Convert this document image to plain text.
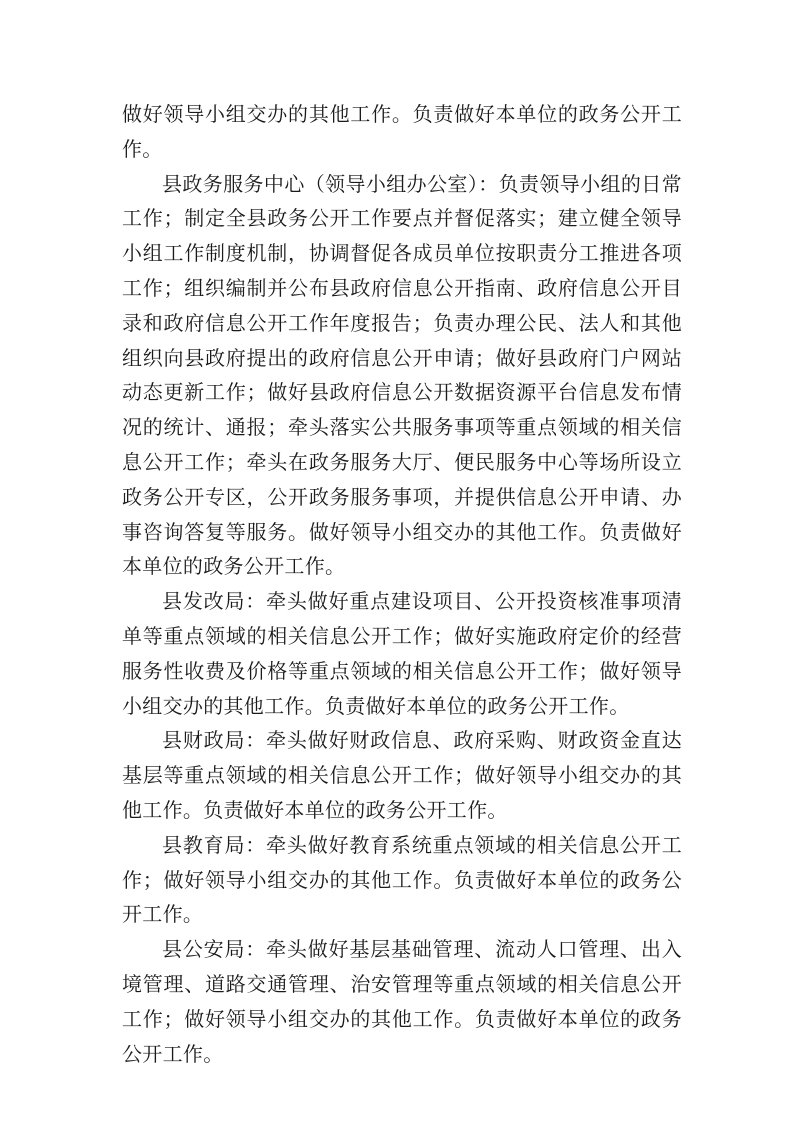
做好领导小组交办的其他工作。负责做好本单位的政务公开工作。

县政务服务中心（领导小组办公室）：负责领导小组的日常工作；制定全县政务公开工作要点并督促落实；建立健全领导小组工作制度机制，协调督促各成员单位按职责分工推进各项工作；组织编制并公布县政府信息公开指南、政府信息公开目录和政府信息公开工作年度报告；负责办理公民、法人和其他组织向县政府提出的政府信息公开申请；做好县政府门户网站动态更新工作；做好县政府信息公开数据资源平台信息发布情况的统计、通报；牵头落实公共服务事项等重点领域的相关信息公开工作；牵头在政务服务大厅、便民服务中心等场所设立政务公开专区，公开政务服务事项，并提供信息公开申请、办事咨询答复等服务。做好领导小组交办的其他工作。负责做好本单位的政务公开工作。

县发改局：牵头做好重点建设项目、公开投资核准事项清单等重点领域的相关信息公开工作；做好实施政府定价的经营服务性收费及价格等重点领域的相关信息公开工作；做好领导小组交办的其他工作。负责做好本单位的政务公开工作。

县财政局：牵头做好财政信息、政府采购、财政资金直达基层等重点领域的相关信息公开工作；做好领导小组交办的其他工作。负责做好本单位的政务公开工作。

县教育局：牵头做好教育系统重点领域的相关信息公开工作；做好领导小组交办的其他工作。负责做好本单位的政务公开工作。

县公安局：牵头做好基层基础管理、流动人口管理、出入境管理、道路交通管理、治安管理等重点领域的相关信息公开工作；做好领导小组交办的其他工作。负责做好本单位的政务公开工作。
